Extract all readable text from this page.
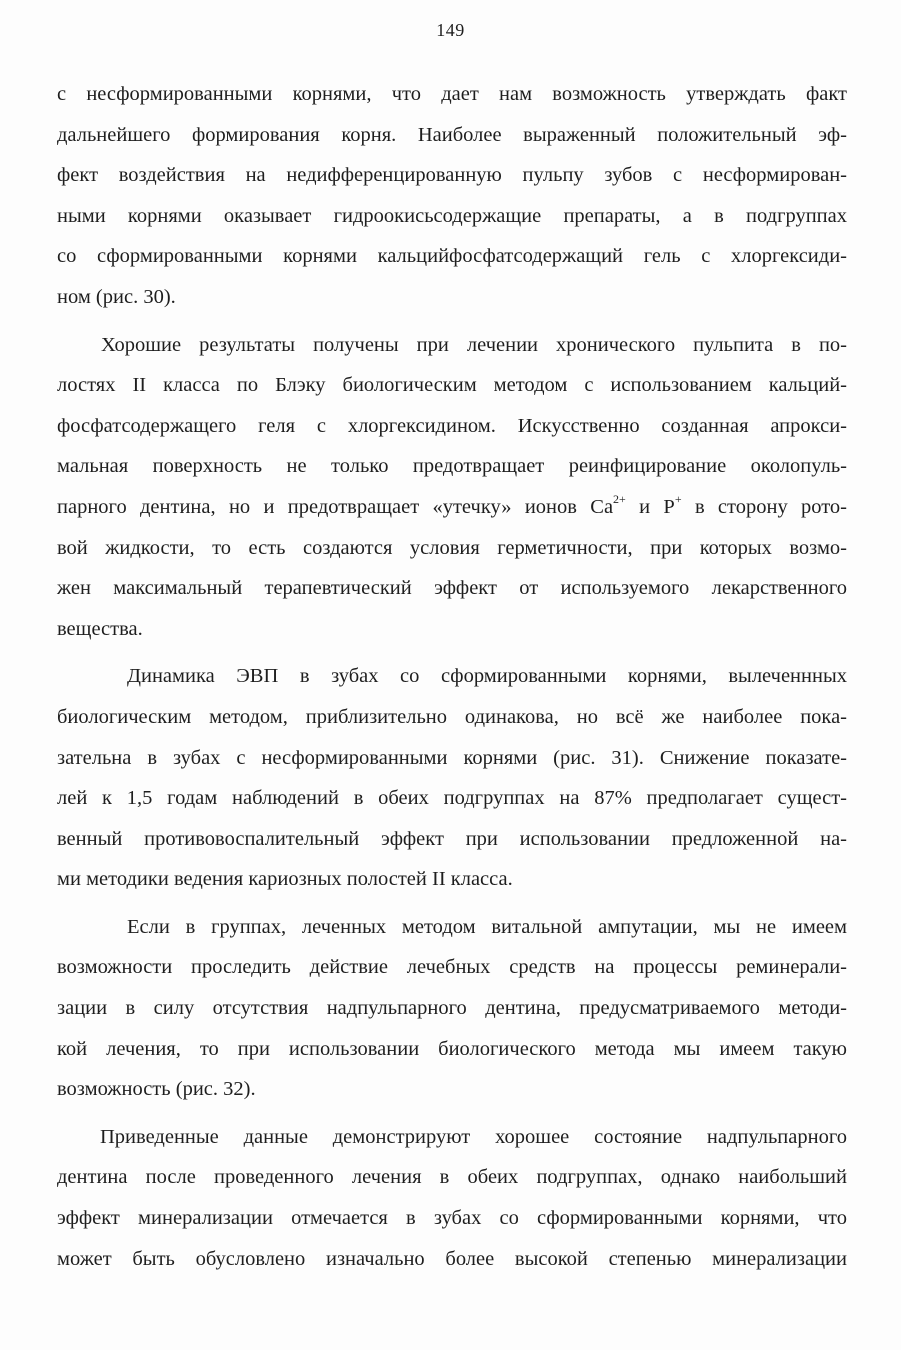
149

с несформированными корнями, что дает нам возможность утверждать факт
дальнейшего формирования корня. Наиболее выраженный положительный эф-
фект воздействия на недифференцированную пульпу зубов с несформирован-
ными корнями оказывает гидроокисьсодержащие препараты, а в подгруппах
со сформированными корнями кальцийфосфатсодержащий гель с хлоргексиди-
ном (рис. 30).

Хорошие результаты получены при лечении хронического пульпита в по-
лостях II класса по Блэку биологическим методом с использованием кальций-
фосфатсодержащего геля с хлоргексидином. Искусственно созданная апрокси-
мальная поверхность не только предотвращает реинфицирование околопуль-
парного дентина, но и предотвращает «утечку» ионов $Ca^{2+}$ и P+ в сторону рото-
вой жидкости, то есть создаются условия герметичности, при которых возмо-
жен максимальный терапевтический эффект от используемого лекарственного
вещества.

Динамика ЭВП в зубах со сформированными корнями, вылеченнных
биологическим методом, приблизительно одинакова, но всё же наиболее пока-
зательна в зубах с несформированными корнями (рис. 31). Снижение показате-
лей к 1,5 годам наблюдений в обеих подгруппах на 87% предполагает сущест-
венный противовоспалительный эффект при использовании предложенной на-
ми методики ведения кариозных полостей II класса.

Если в группах, леченных методом витальной ампутации, мы не имеем
возможности проследить действие лечебных средств на процессы реминерали-
зации в силу отсутствия надпульпарного дентина, предусматриваемого методи-
кой лечения, то при использовании биологического метода мы имеем такую
возможность (рис. 32).

Приведенные данные демонстрируют хорошее состояние надпульпарного
дентина после проведенного лечения в обеих подгруппах, однако наибольший
эффект минерализации отмечается в зубах со сформированными корнями, что
может быть обусловлено изначально более высокой степенью минерализации
